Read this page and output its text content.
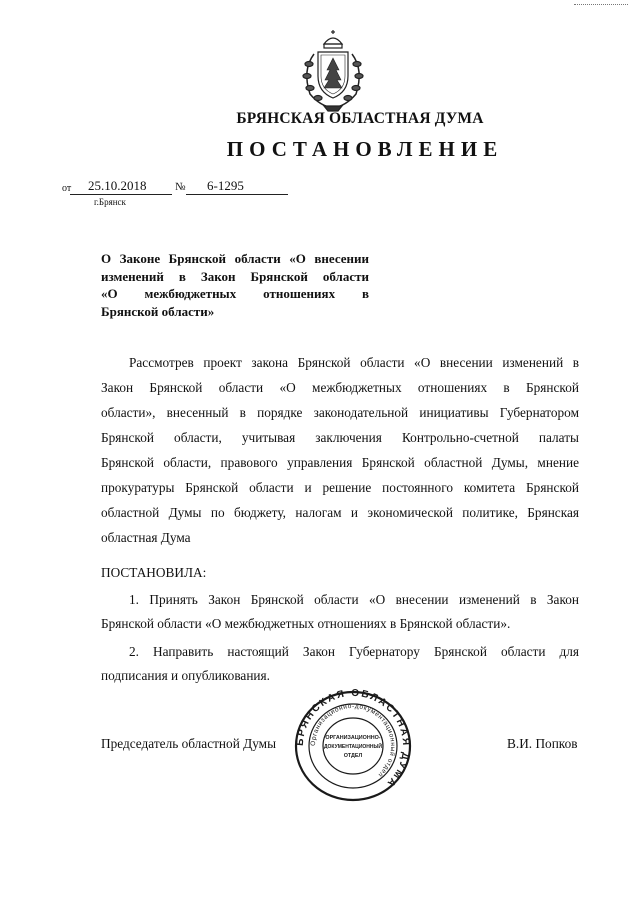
БРЯНСКАЯ ОБЛАСТНАЯ ДУМА
ПОСТАНОВЛЕНИЕ
от 25.10.2018	№ 6-1295
г.Брянск
О Законе Брянской области «О внесении
изменений в Закон Брянской области
«О межбюджетных отношениях в
Брянской области»
Рассмотрев проект закона Брянской области «О внесении изменений в
Закон Брянской области «О межбюджетных отношениях в Брянской
области», внесенный в порядке законодательной инициативы Губернатором
Брянской области, учитывая заключения Контрольно-счетной палаты
Брянской области, правового управления Брянской областной Думы, мнение
прокуратуры Брянской области и решение постоянного комитета Брянской
областной Думы по бюджету, налогам и экономической политике, Брянская
областная Дума
ПОСТАНОВИЛА:
1. Принять Закон Брянской области «О внесении изменений в Закон
Брянской области «О межбюджетных отношениях в Брянской области».
2. Направить настоящий Закон Губернатору Брянской области для
подписания и опубликования.
Председатель областной Думы	В.И. Попков
БРЯНСКАЯ ОБЛАСТНАЯ ДУМА
Организационно-документационный отдел
ОРГАНИЗАЦИОННО-
ДОКУМЕНТАЦИОННЫЙ
ОТДЕЛ
